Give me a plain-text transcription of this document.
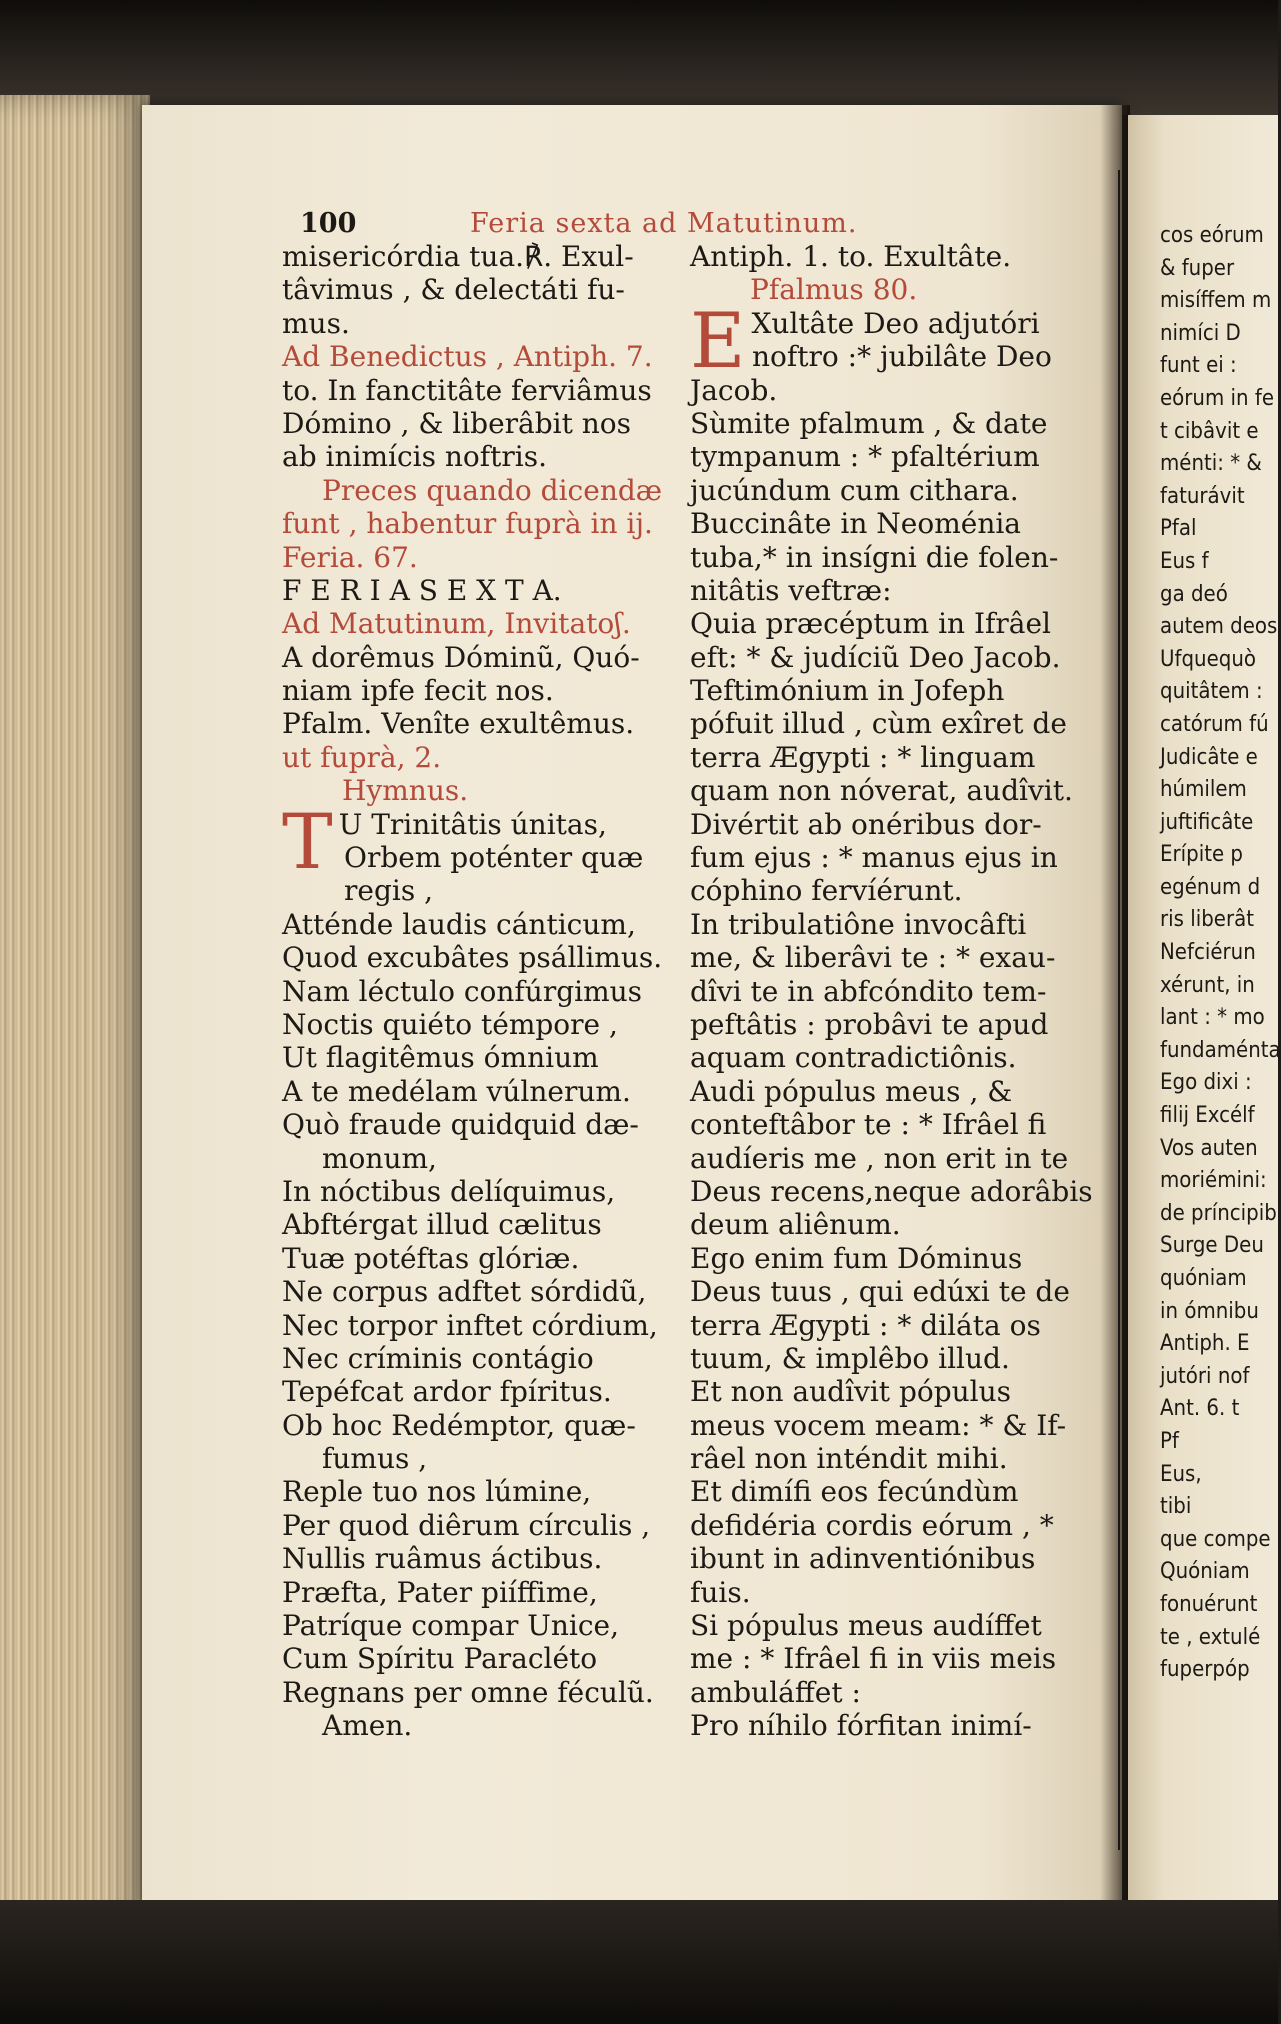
100	Feria sexta ad Matutinum.
misericórdia tua.℟. Exul-
tâvimus , & delectáti fu-
mus.
Ad Benedictus , Antiph. 7.
to. In fanctitâte ferviâmus
Dómino , & liberâbit nos
ab inimícis noftris.
Preces quando dicendæ
funt , habentur fuprà in ij.
Feria. 67.
F E R I A S E X T A.
Ad Matutinum, Invitatoʃ.
A dorêmus Dóminũ, Quó-
niam ipfe fecit nos.
Pfalm. Venîte exultêmus.
ut fuprà, 2.
Hymnus.
T U Trinitâtis únitas,
Orbem poténter quæ
regis ,
Atténde laudis cánticum,
Quod excubâtes psállimus.
Nam léctulo confúrgimus
Noctis quiéto témpore ,
Ut flagitêmus ómnium
A te medélam vúlnerum.
Quò fraude quidquid dæ-
monum,
In nóctibus delíquimus,
Abftérgat illud cælitus
Tuæ potéftas glóriæ.
Ne corpus adftet sórdidũ,
Nec torpor inftet córdium,
Nec críminis contágio
Tepéfcat ardor fpíritus.
Ob hoc Redémptor, quæ-
fumus ,
Reple tuo nos lúmine,
Per quod diêrum círculis ,
Nullis ruâmus áctibus.
Præfta, Pater piíffime,
Patríque compar Unice,
Cum Spíritu Paracléto
Regnans per omne féculũ.
Amen.
Antiph. 1. to. Exultâte.
Pfalmus 80.
E Xultâte Deo adjutóri
noftro :* jubilâte Deo
Jacob.
Sùmite pfalmum , & date
tympanum : * pfaltérium
jucúndum cum cithara.
Buccinâte in Neoménia
tuba,* in insígni die folen-
nitâtis veftræ:
Quia præcéptum in Ifrâel
eft: * & judíciũ Deo Jacob.
Teftimónium in Jofeph
pófuit illud , cùm exîret de
terra Ægypti : * linguam
quam non nóverat, audîvit.
Divértit ab onéribus dor-
fum ejus : * manus ejus in
cóphino fervíérunt.
In tribulatiône invocâfti
me, & liberâvi te : * exau-
dîvi te in abfcóndito tem-
peftâtis : probâvi te apud
aquam contradictiônis.
Audi pópulus meus , &
conteftâbor te : * Ifrâel fi
audíeris me , non erit in te
Deus recens,neque adorâbis
deum aliênum.
Ego enim fum Dóminus
Deus tuus , qui edúxi te de
terra Ægypti : * diláta os
tuum, & implêbo illud.
Et non audîvit pópulus
meus vocem meam: * & If-
râel non inténdit mihi.
Et dimífi eos fecúndùm
defidéria cordis eórum , *
ibunt in adinventiónibus
fuis.
Si pópulus meus audíffet
me : * Ifrâel fi in viis meis
ambuláffet :
Pro níhilo fórfitan inimí-
cos eórum
& fuper
misíffem m
nimíci D
funt ei :
eórum in fe
t cibâvit e
ménti: * &
faturávit
Pfal
Eus f
ga deó
autem deos
Ufquequò
quitâtem :
catórum fú
Judicâte e
húmilem
juftificâte
Erípite p
egénum d
ris liberât
Nefciérun
xérunt, in
lant : * mo
fundaménta
Ego dixi :
filij Excélf
Vos auten
moriémini:
de príncipib
Surge Deu
quóniam
in ómnibu
Antiph. E
jutóri nof
Ant. 6. t
Pf
Eus,
tibi
que compe
Quóniam
fonuérunt
te , extulé
fuperpóp
